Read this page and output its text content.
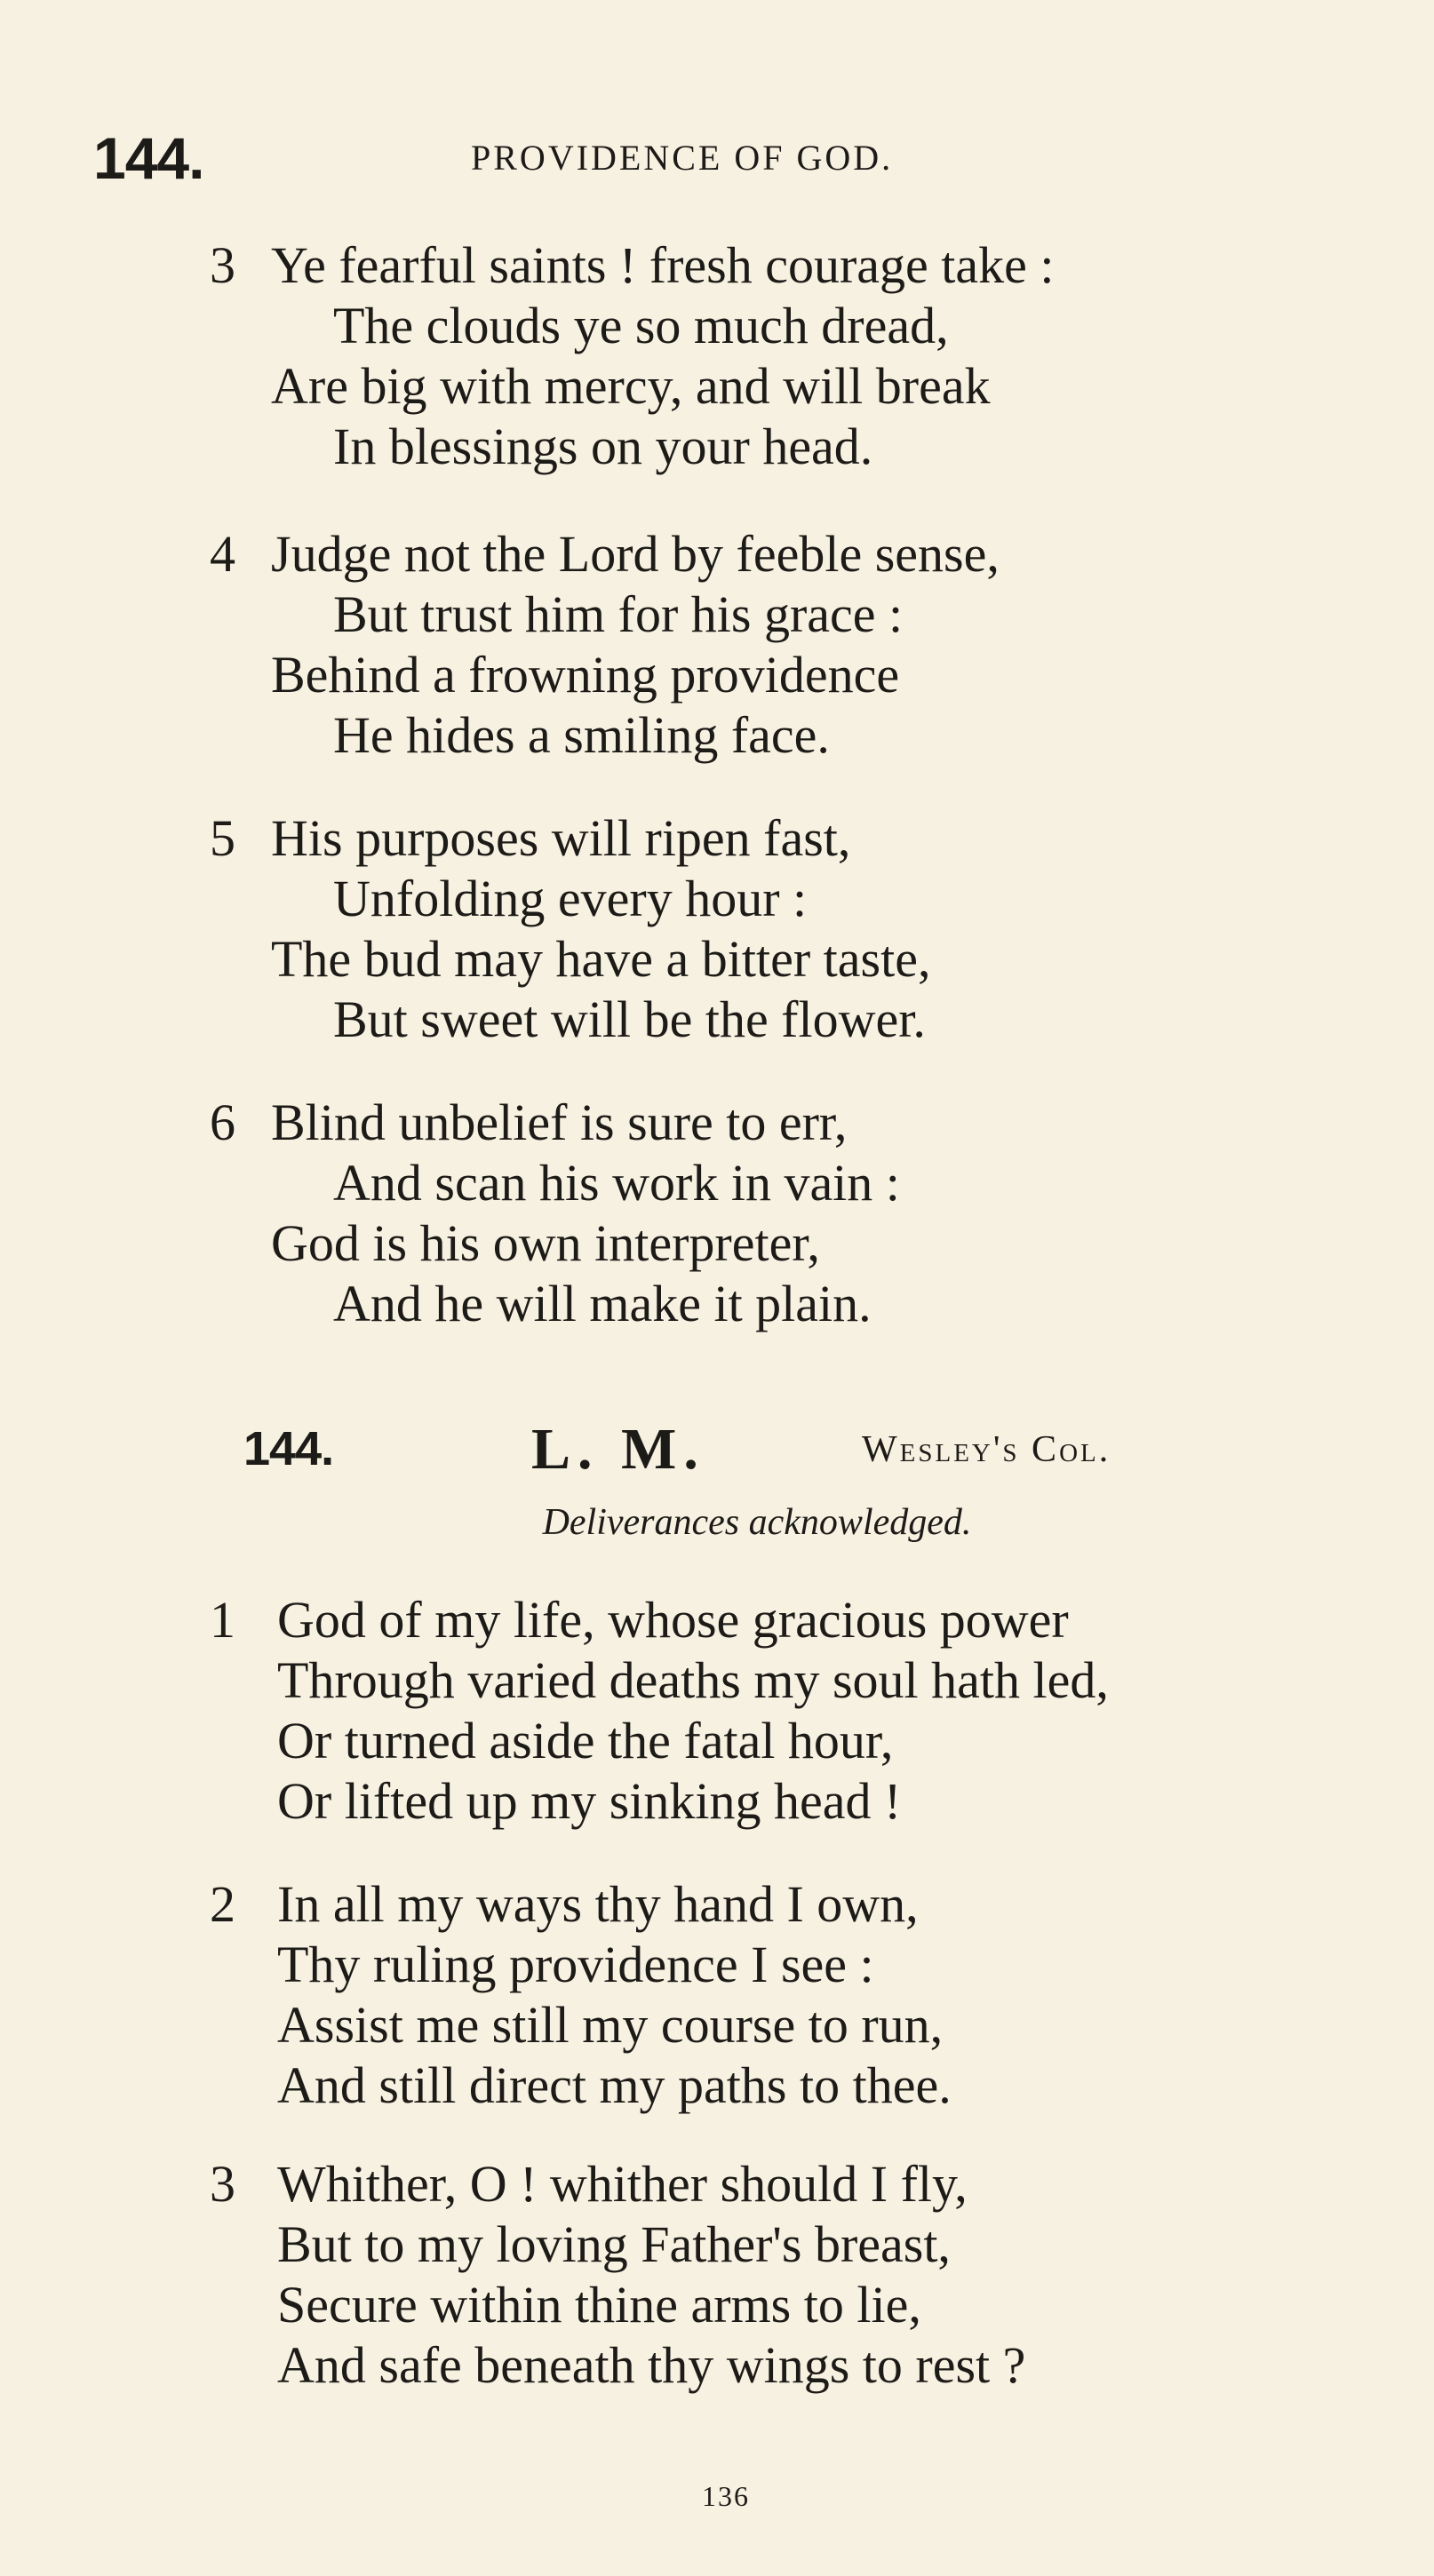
144.	PROVIDENCE OF GOD.
3 Ye fearful saints ! fresh courage take :
The clouds ye so much dread,
Are big with mercy, and will break
In blessings on your head.
4 Judge not the Lord by feeble sense,
But trust him for his grace :
Behind a frowning providence
He hides a smiling face.
5 His purposes will ripen fast,
Unfolding every hour :
The bud may have a bitter taste,
But sweet will be the flower.
6 Blind unbelief is sure to err,
And scan his work in vain :
God is his own interpreter,
And he will make it plain.
144.	L. M.	Wesley's Col.
Deliverances acknowledged.
1 God of my life, whose gracious power
Through varied deaths my soul hath led,
Or turned aside the fatal hour,
Or lifted up my sinking head !
2 In all my ways thy hand I own,
Thy ruling providence I see :
Assist me still my course to run,
And still direct my paths to thee.
3 Whither, O ! whither should I fly,
But to my loving Father's breast,
Secure within thine arms to lie,
And safe beneath thy wings to rest ?
136
